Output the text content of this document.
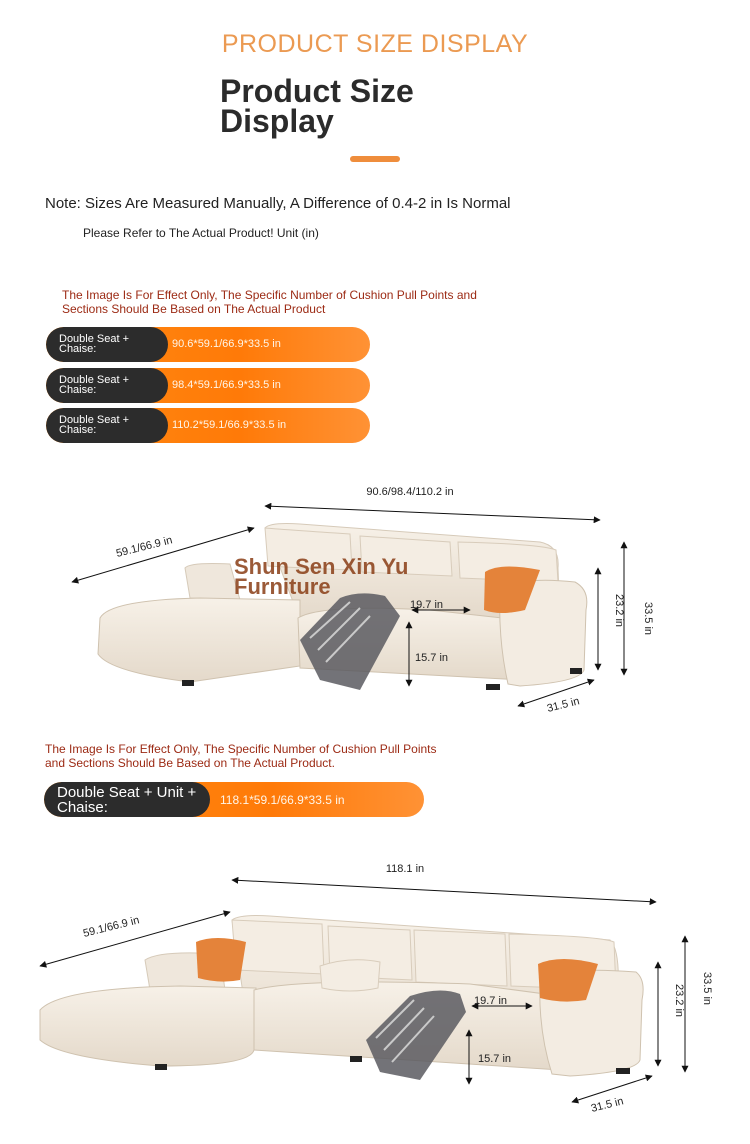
PRODUCT SIZE DISPLAY
Product Size
Display
Note: Sizes Are Measured Manually, A Difference of 0.4-2 in Is Normal
Please Refer to The Actual Product! Unit (in)
The Image Is For Effect Only, The Specific Number of Cushion Pull Points and
Sections Should Be Based on The Actual Product
Double Seat +
Chaise:	90.6*59.1/66.9*33.5 in
Double Seat +
Chaise:	98.4*59.1/66.9*33.5 in
Double Seat +
Chaise:	110.2*59.1/66.9*33.5 in
Shun Sen Xin Yu
Furniture
90.6/98.4/110.2 in
59.1/66.9 in
33.5 in
23.2 in
19.7 in
15.7 in
31.5 in
The Image Is For Effect Only, The Specific Number of Cushion Pull Points
and Sections Should Be Based on The Actual Product.
Double Seat + Unit +
Chaise:	118.1*59.1/66.9*33.5 in
118.1 in
59.1/66.9 in
33.5 in
23.2 in
19.7 in
15.7 in
31.5 in
